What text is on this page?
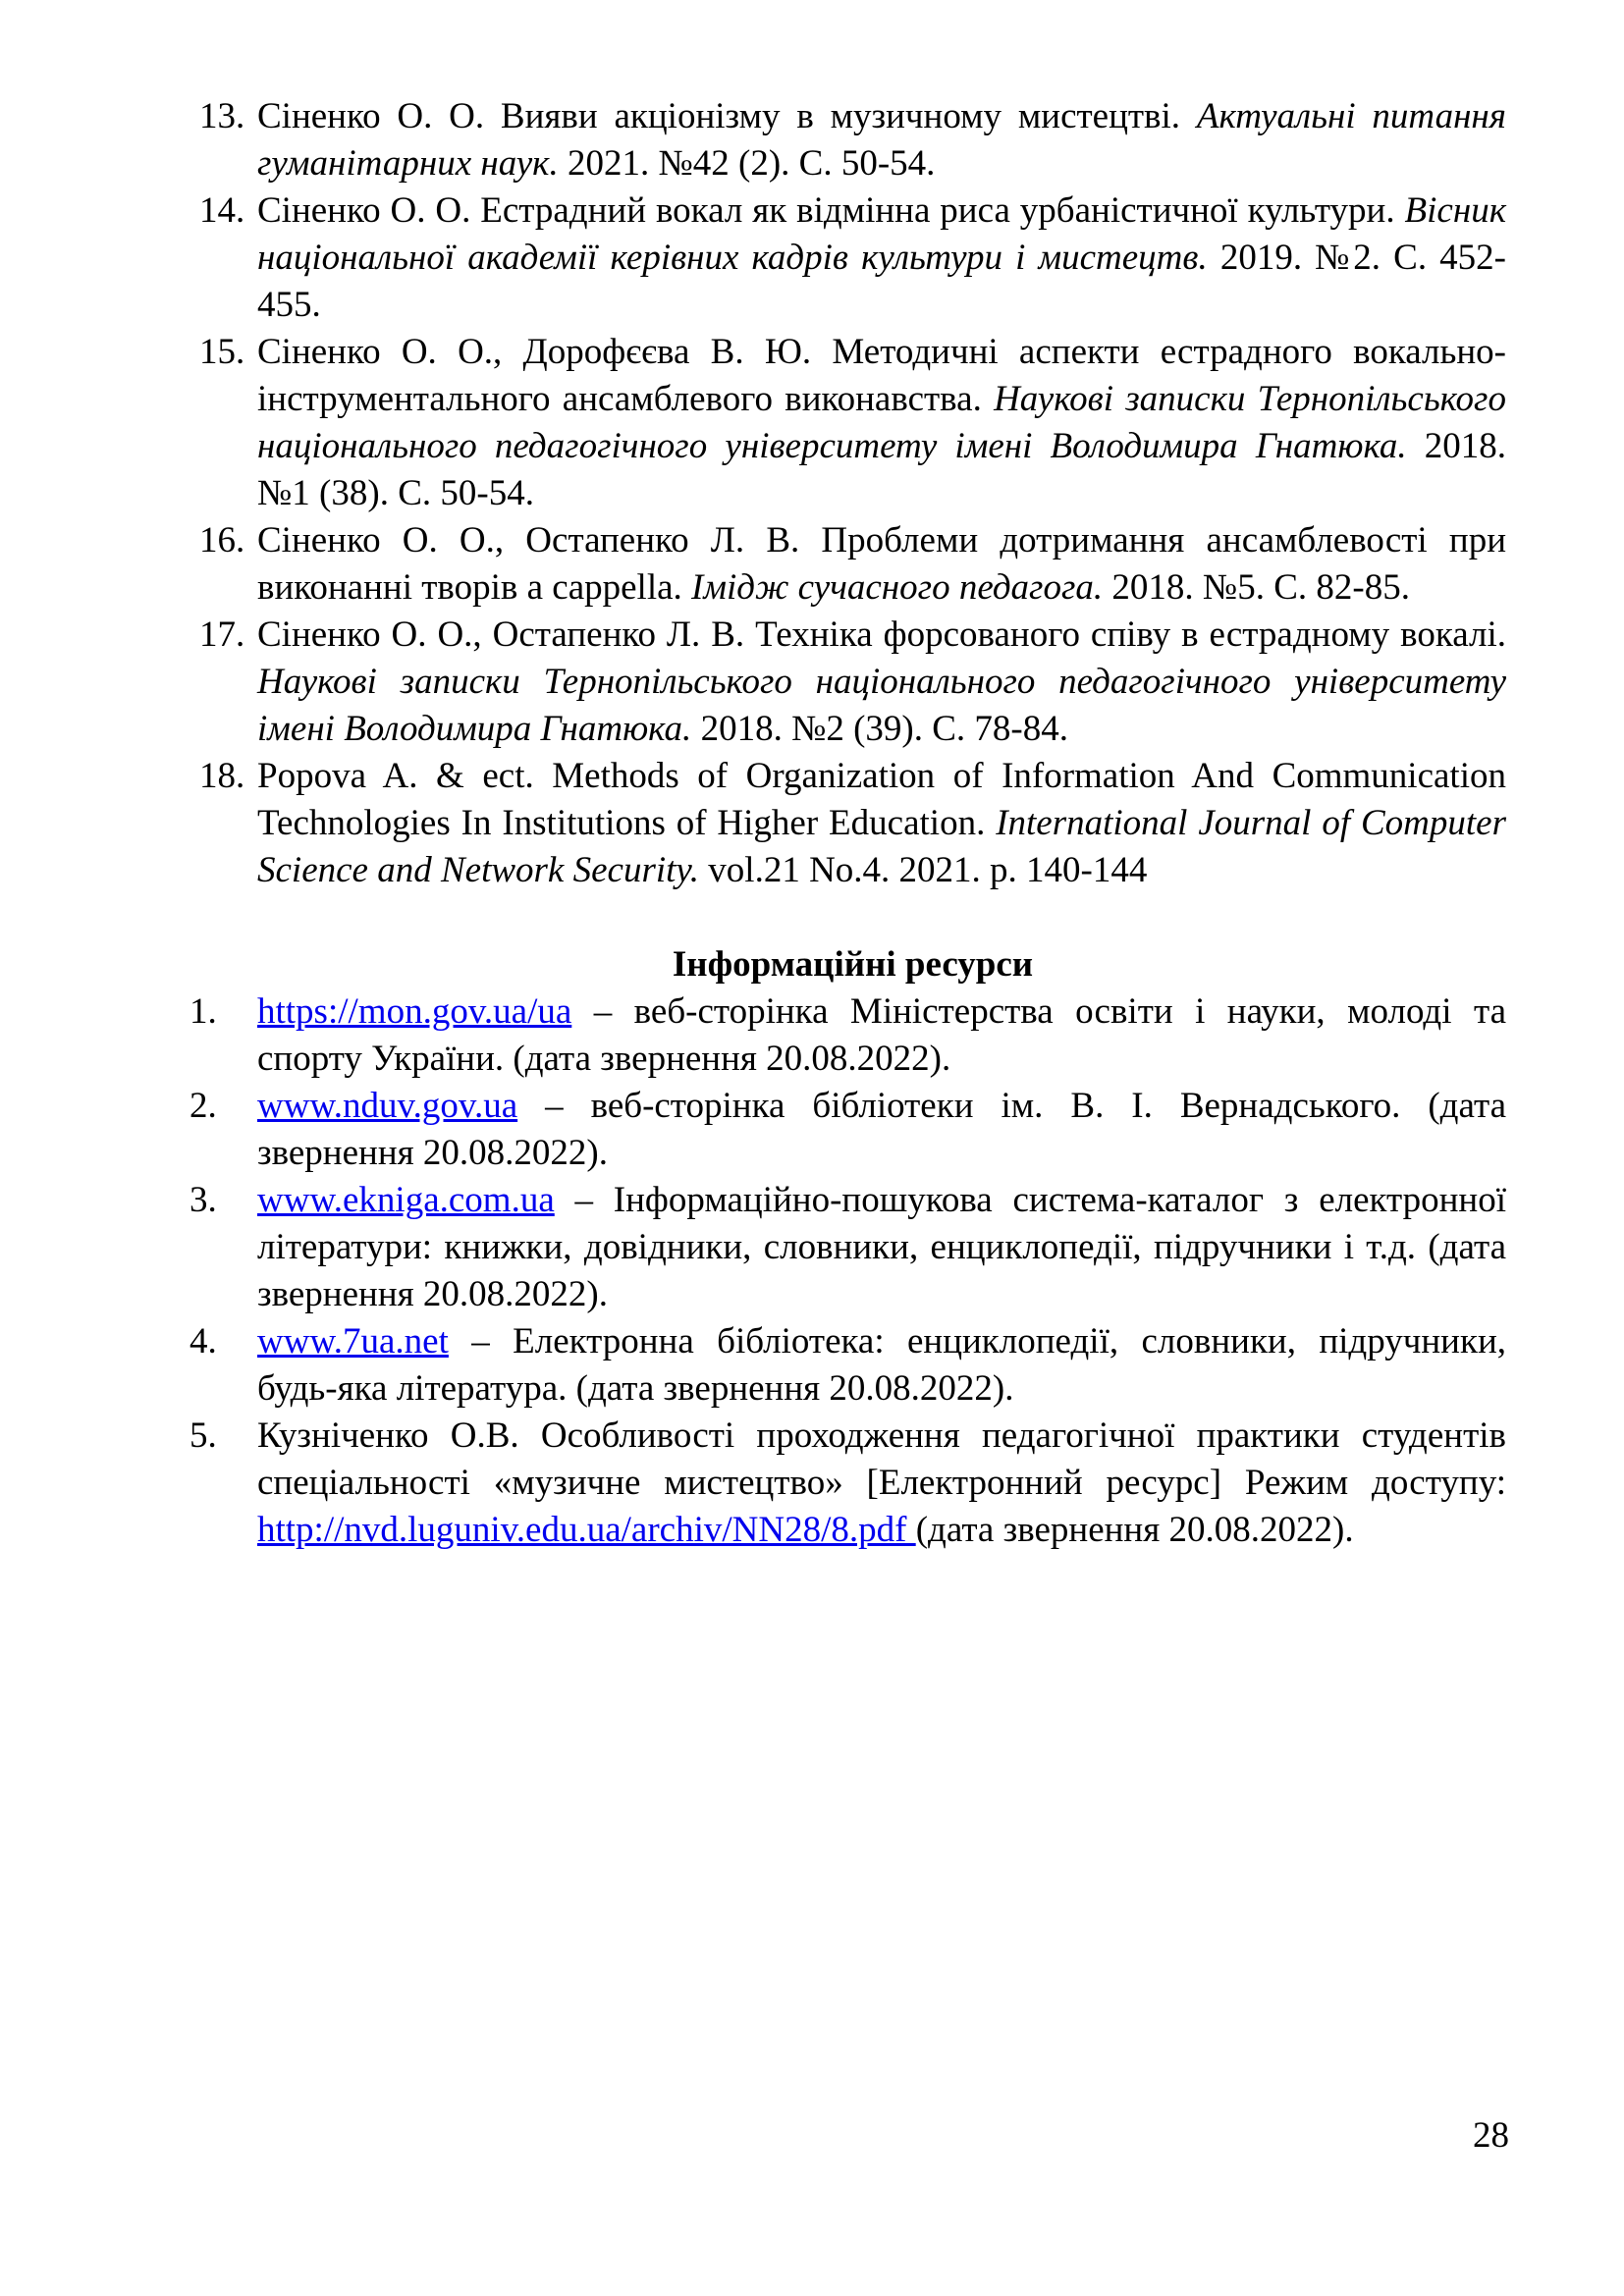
13. Сіненко О. О. Вияви акціонізму в музичному мистецтві. Актуальні питання гуманітарних наук. 2021. №42 (2). С. 50-54.
14. Сіненко О. О. Естрадний вокал як відмінна риса урбаністичної культури. Вісник національної академії керівних кадрів культури і мистецтв. 2019. №2. С. 452-455.
15. Сіненко О. О., Дорофєєва В. Ю. Методичні аспекти естрадного вокально-інструментального ансамблевого виконавства. Наукові записки Тернопільського національного педагогічного університету імені Володимира Гнатюка. 2018. №1 (38). С. 50-54.
16. Сіненко О. О., Остапенко Л. В. Проблеми дотримання ансамблевості при виконанні творів a cappella. Імідж сучасного педагога. 2018. №5. С. 82-85.
17. Сіненко О. О., Остапенко Л. В. Техніка форсованого співу в естрадному вокалі. Наукові записки Тернопільського національного педагогічного університету імені Володимира Гнатюка. 2018. №2 (39). С. 78-84.
18. Popova A. & ect. Methods of Organization of Information And Communication Technologies In Institutions of Higher Education. International Journal of Computer Science and Network Security. vol.21 No.4. 2021. p. 140-144
Інформаційні ресурси
1. https://mon.gov.ua/ua – веб-сторінка Міністерства освіти і науки, молоді та спорту України. (дата звернення 20.08.2022).
2. www.nduv.gov.ua – веб-сторінка бібліотеки ім. В. І. Вернадського. (дата звернення 20.08.2022).
3. www.ekniga.com.ua – Інформаційно-пошукова система-каталог з електронної літератури: книжки, довідники, словники, енциклопедії, підручники і т.д. (дата звернення 20.08.2022).
4. www.7ua.net – Електронна бібліотека: енциклопедії, словники, підручники, будь-яка література. (дата звернення 20.08.2022).
5. Кузніченко О.В. Особливості проходження педагогічної практики студентів спеціальності «музичне мистецтво» [Електронний ресурс] Режим доступу: http://nvd.luguniv.edu.ua/archiv/NN28/8.pdf (дата звернення 20.08.2022).
28
